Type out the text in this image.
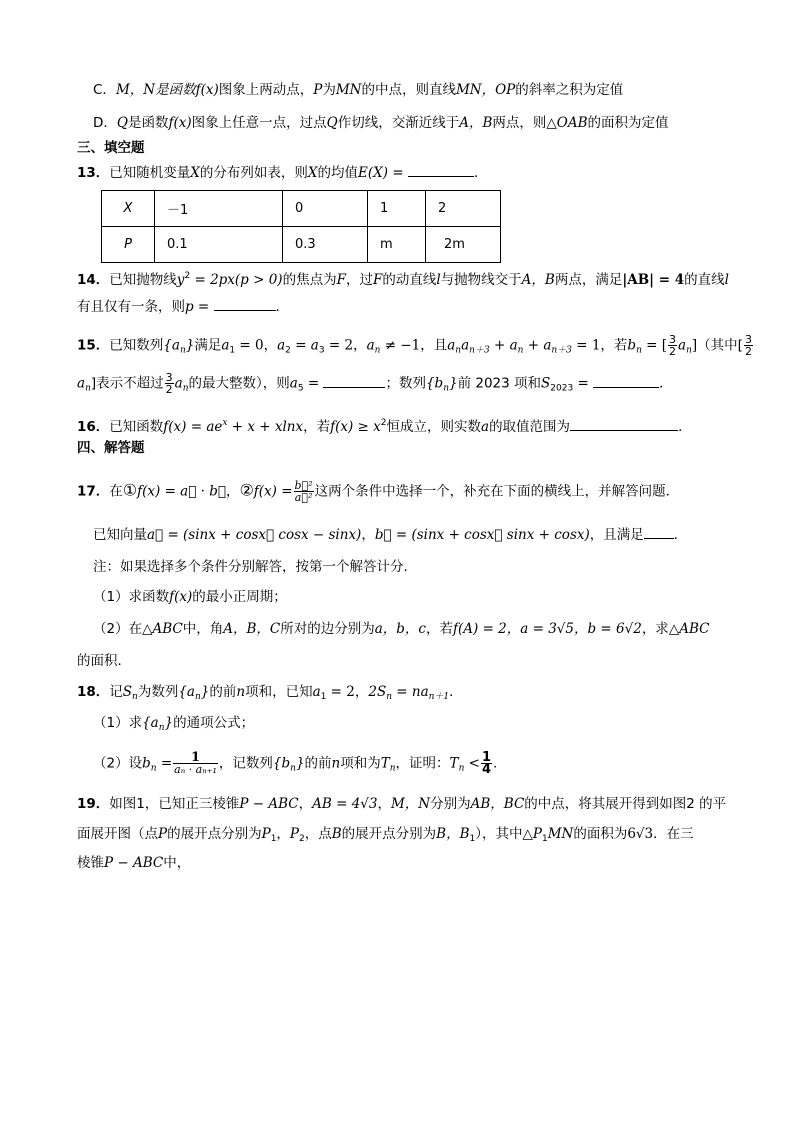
C．M，N是函数f(x)图象上两动点，P为MN的中点，则直线MN，OP的斜率之积为定值
D．Q是函数f(x)图象上任意一点，过点Q作切线，交渐近线于A，B两点，则△OAB的面积为定值
三、填空题
13．已知随机变量X的分布列如表，则X的均值E(X) =	．
X	－1	0	1	2
P	0.1	0.3	m	2m
14．已知抛物线$y^2 = 2px(p > 0)$的焦点为F，过F的动直线l与抛物线交于A，B两点，满足|AB| = 4的直线l
有且仅有一条，则p =	．
15．已知数列$\{a_n\}$满足$a_1 = 0$，$a_2 = a_3 = 2$，$a_n \ne -1$，且$a_na_{n+3} + a_n + a_{n+3} = 1$，若$b_n$ = [ $\frac{3}{2} a_n$]（其中[ $\frac{3}{2}$
$a_n$]表示不超过 $\frac{3}{2} a_n$的最大整数），则$a_5$ =	；数列$\{b_n\}$前 2023 项和$S_{2023}$ =	．
16．已知函数$f(x) = ae^x + x + xlnx$，若$f(x) \ge x^2$恒成立，则实数a的取值范围为	．
四、解答题
17．在①f(x) = a⃗ · b⃗，②f(x) = $\frac{\text{b⃗²}}{\text{a⃗²}}$ 这两个条件中选择一个，补充在下面的横线上，并解答问题．
已知向量a⃗ = (sinx + cosx， cosx − sinx)，b⃗ = (sinx + cosx， sinx + cosx)，且满足 ．
注：如果选择多个条件分别解答，按第一个解答计分．
（1）求函数f(x)的最小正周期；
（2）在△ABC中，角A，B，C所对的边分别为a，b，c，若f(A) = 2，a = 3√5，b = 6√2，求△ABC
的面积．
18．记$S_n$为数列$\{a_n\}$的前n项和，已知$a_1 = 2$，$2S_n = na_{n+1}$．
（1）求$\{a_n\}$的通项公式；
（2）设$b_n = \frac{1}{\text{aₙ · aₙ₊₁}}$ ，记数列$\{b_n\}$的前n项和为$T_n$，证明：$T_n < \frac{1}{4}$ .
19．如图1，已知正三棱锥P − ABC，AB = 4√3，M，N分别为AB，BC的中点，将其展开得到如图2 的平
面展开图（点P的展开点分别为$P_1$，$P_2$，点B的展开点分别为B，$B_1$），其中$\triangle P_1MN$的面积为6√3．在三
棱锥P − ABC中，
